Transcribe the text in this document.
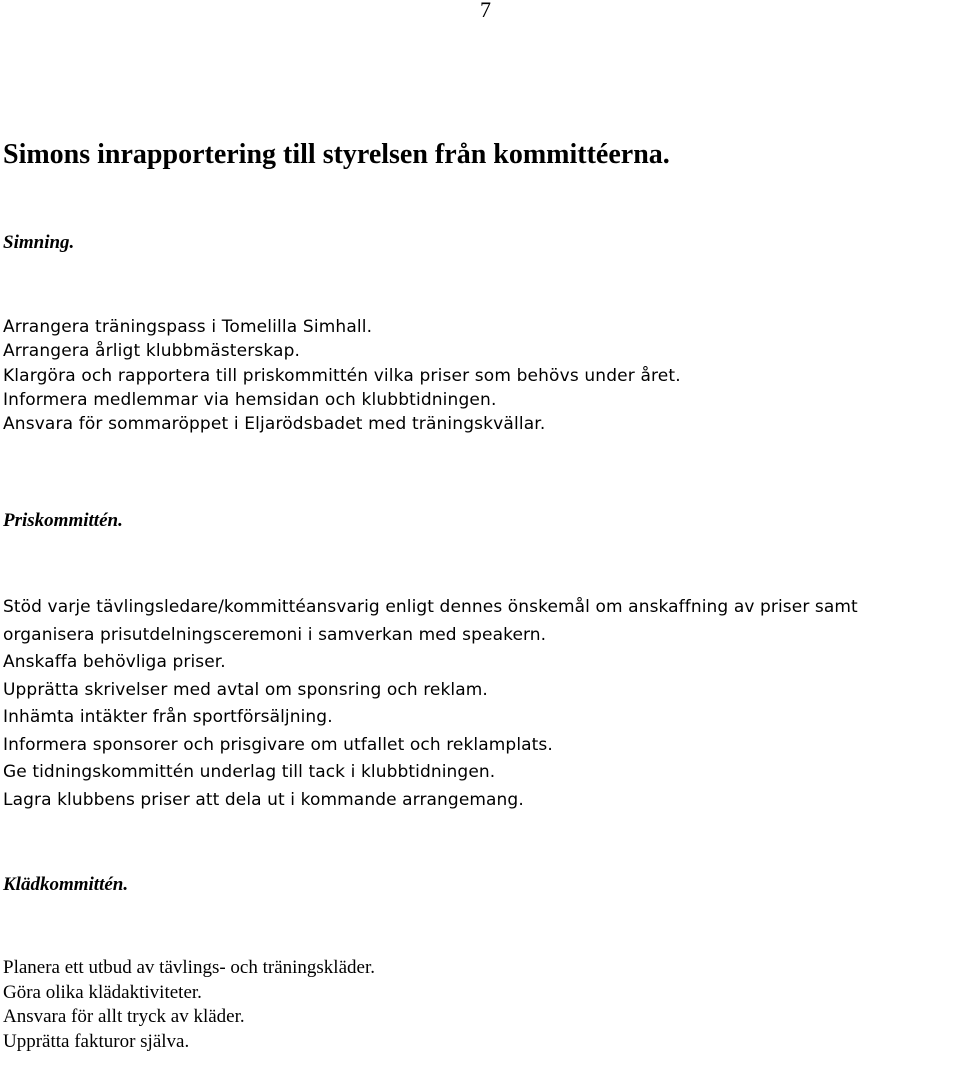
7
Simons inrapportering till styrelsen från kommittéerna.
Simning.
Arrangera träningspass i Tomelilla Simhall.
Arrangera årligt klubbmästerskap.
Klargöra och rapportera till priskommittén vilka priser som behövs under året.
Informera medlemmar via hemsidan och klubbtidningen.
Ansvara för sommaröppet i Eljarödsbadet med träningskvällar.
Priskommittén.
Stöd varje tävlingsledare/kommittéansvarig enligt dennes önskemål om anskaffning av priser samt
organisera prisutdelningsceremoni i samverkan med speakern.
Anskaffa behövliga priser.
Upprätta skrivelser med avtal om sponsring och reklam.
Inhämta intäkter från sportförsäljning.
Informera sponsorer och prisgivare om utfallet och reklamplats.
Ge tidningskommittén underlag till tack i klubbtidningen.
Lagra klubbens priser att dela ut i kommande arrangemang.
Klädkommittén.
Planera ett utbud av tävlings- och träningskläder.
Göra olika klädaktiviteter.
Ansvara för allt tryck av kläder.
Upprätta fakturor själva.
